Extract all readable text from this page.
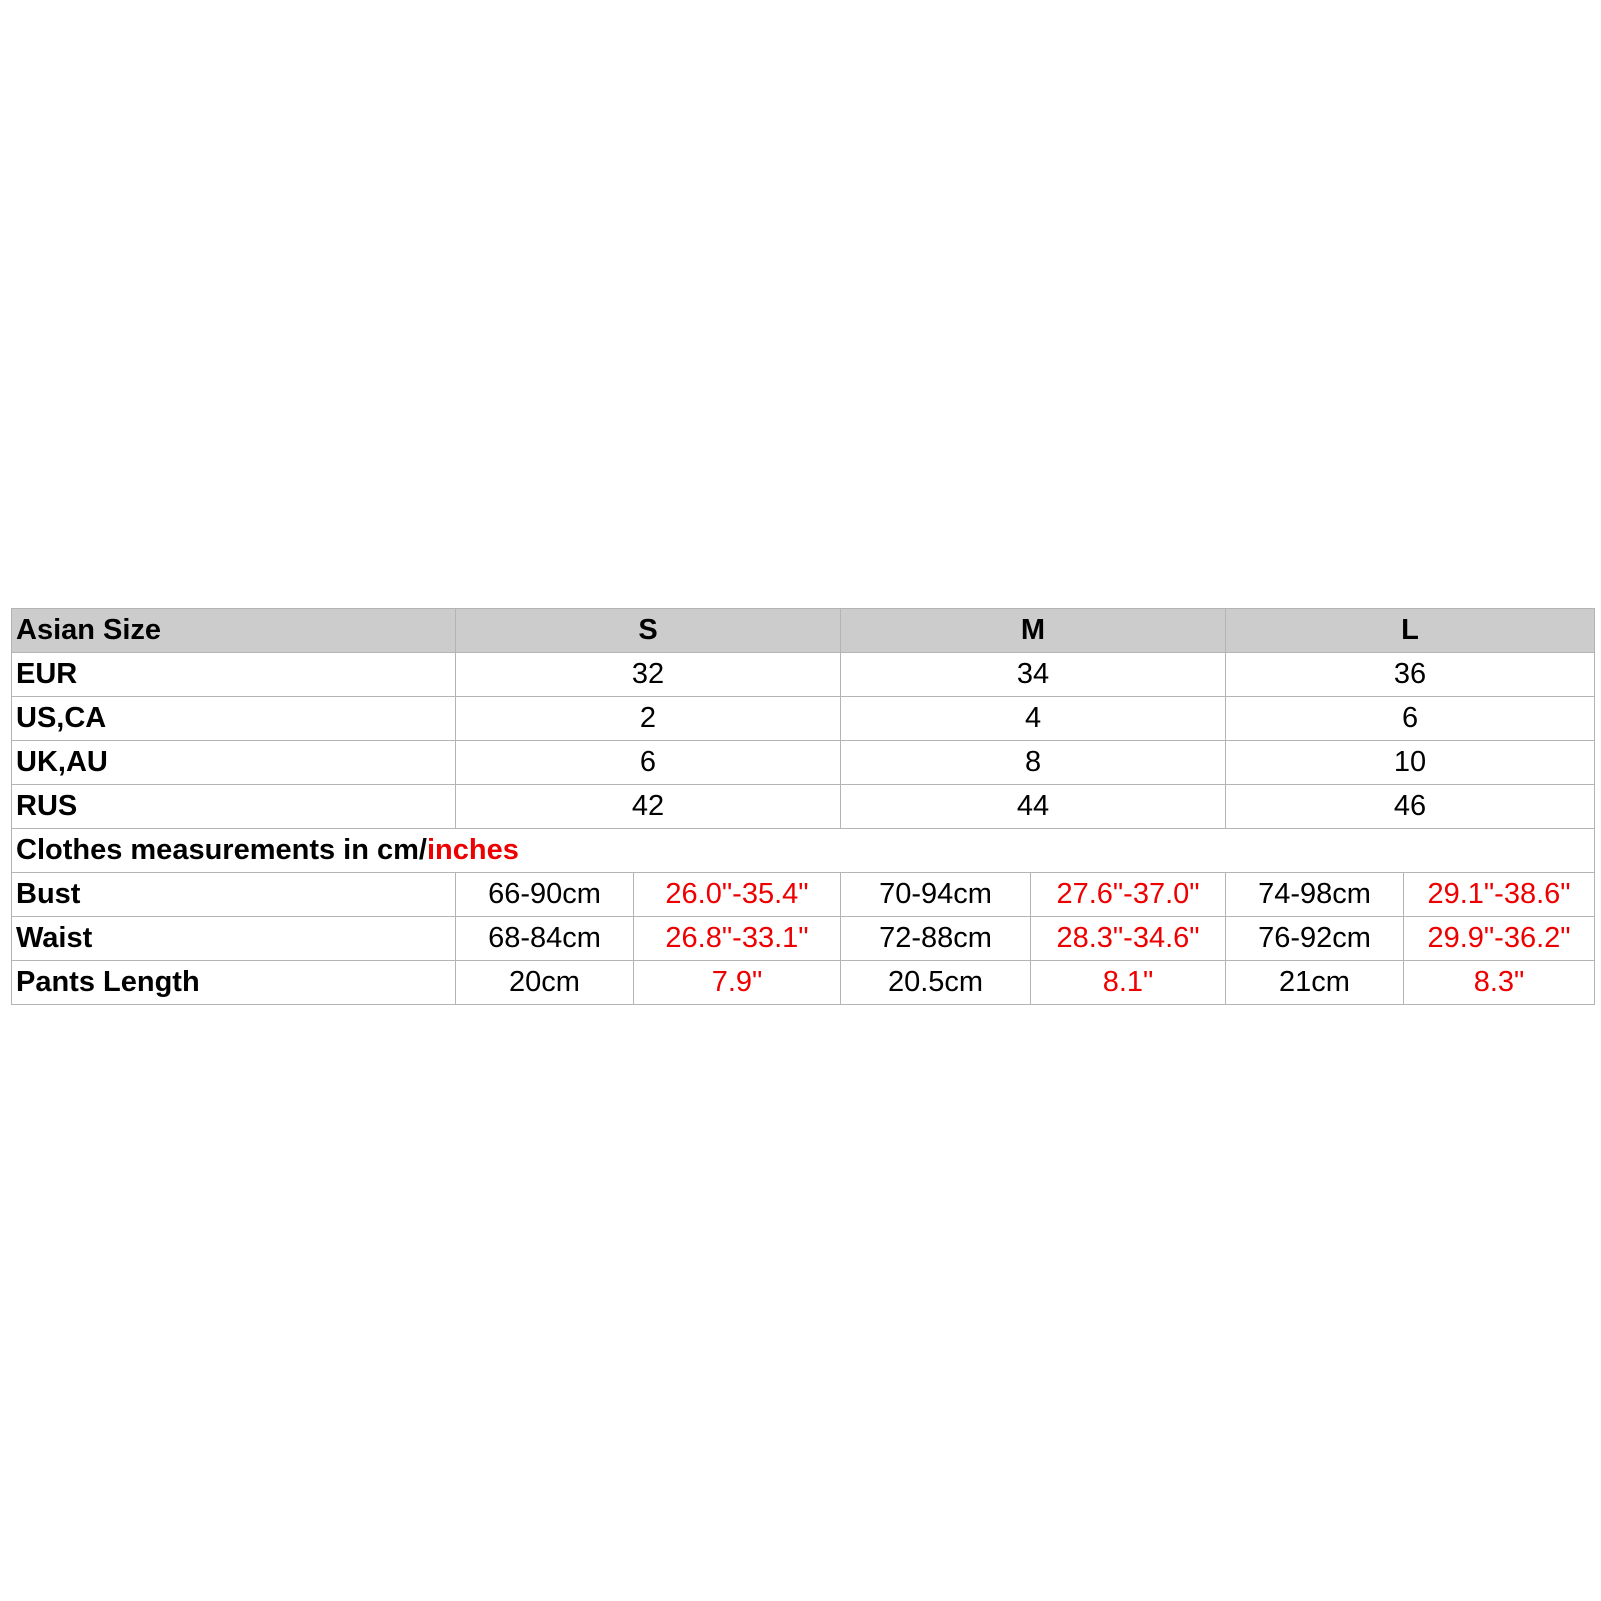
Asian Size	S		M		L	
EUR	32		34		36	
US,CA	2		4		6	
UK,AU	6		8		10	
RUS	42		44		46	
Clothes measurements in cm/inches						
Bust	66-90cm	26.0"-35.4"	70-94cm	27.6"-37.0"	74-98cm	29.1"-38.6"
Waist	68-84cm	26.8"-33.1"	72-88cm	28.3"-34.6"	76-92cm	29.9"-36.2"
Pants Length	20cm	7.9"	20.5cm	8.1"	21cm	8.3"
